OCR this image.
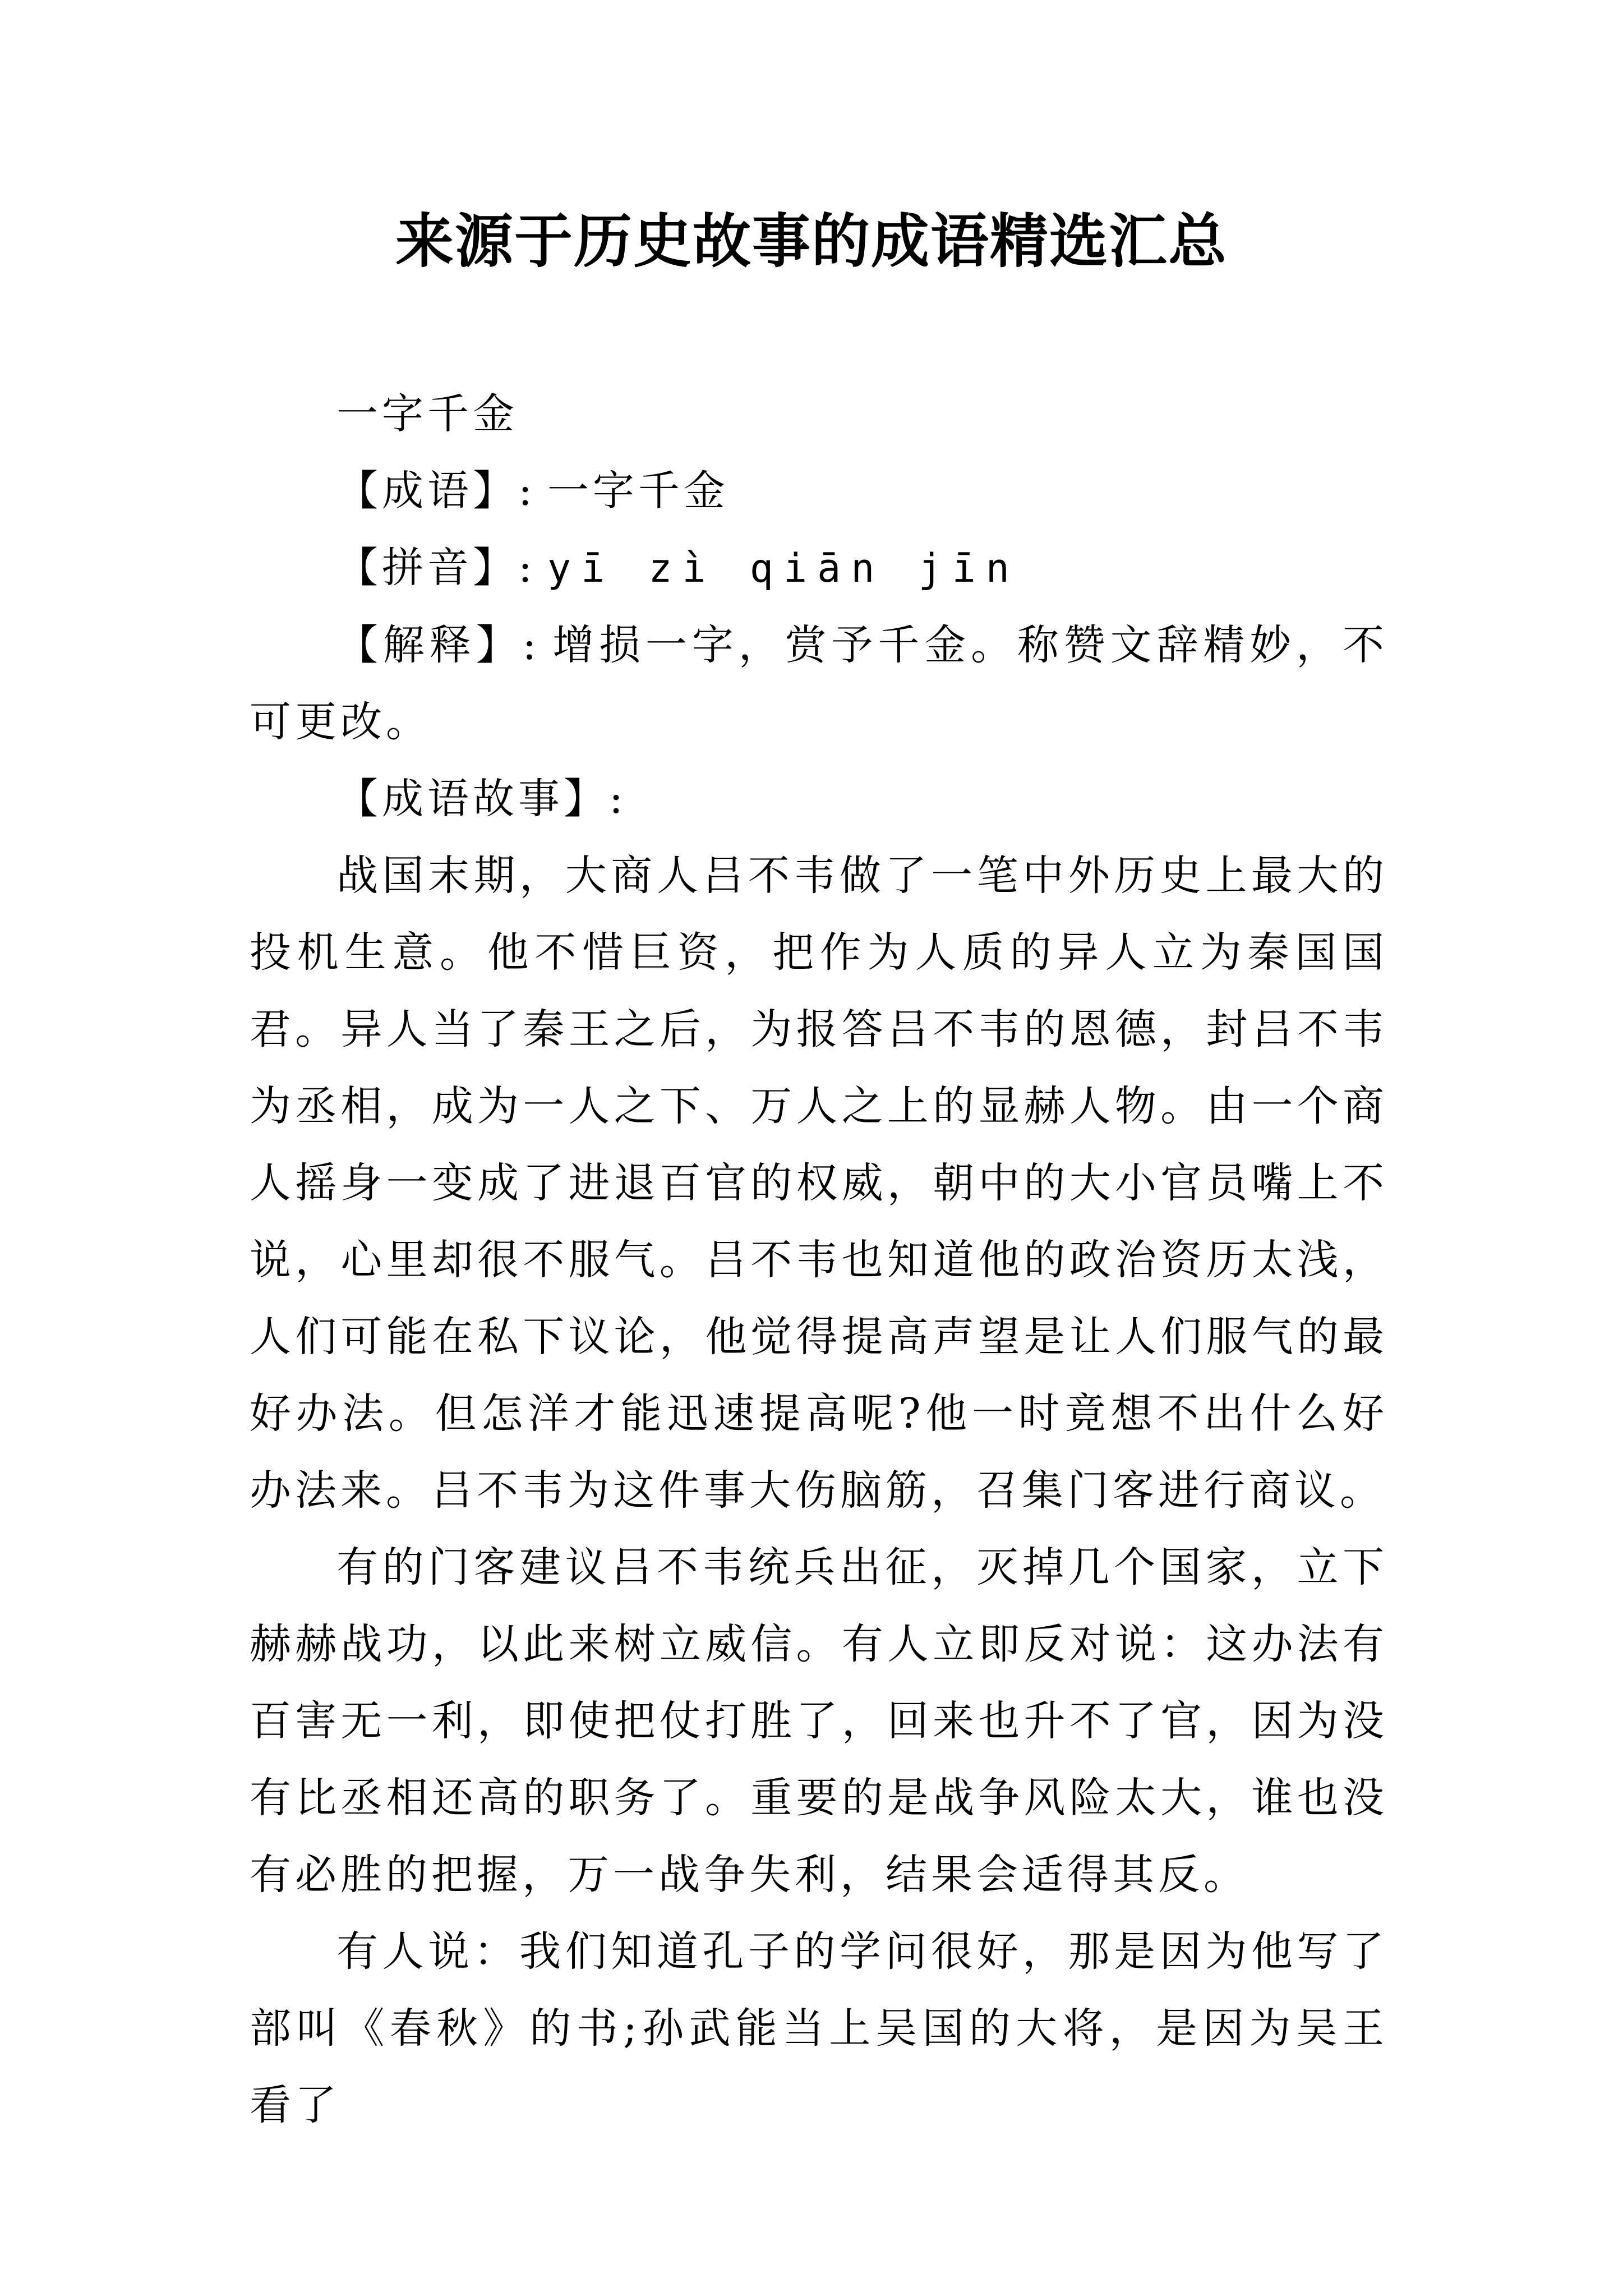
来源于历史故事的成语精选汇总

一字千金

【成语】: 一字千金

【拼音】: yī zì qiān jīn

【解释】: 增损一字，赏予千金。称赞文辞精妙，不可更改。

【成语故事】:

战国末期，大商人吕不韦做了一笔中外历史上最大的投机生意。他不惜巨资，把作为人质的异人立为秦国国君。异人当了秦王之后，为报答吕不韦的恩德，封吕不韦为丞相，成为一人之下、万人之上的显赫人物。由一个商人摇身一变成了进退百官的权威，朝中的大小官员嘴上不说，心里却很不服气。吕不韦也知道他的政治资历太浅，人们可能在私下议论，他觉得提高声望是让人们服气的最好办法。但怎洋才能迅速提高呢?他一时竟想不出什么好办法来。吕不韦为这件事大伤脑筋，召集门客进行商议。

有的门客建议吕不韦统兵出征，灭掉几个国家，立下赫赫战功，以此来树立威信。有人立即反对说：这办法有百害无一利，即使把仗打胜了，回来也升不了官，因为没有比丞相还高的职务了。重要的是战争风险太大，谁也没有必胜的把握，万一战争失利，结果会适得其反。

有人说：我们知道孔子的学问很好，那是因为他写了部叫《春秋》的书;孙武能当上吴国的大将，是因为吴王看了
